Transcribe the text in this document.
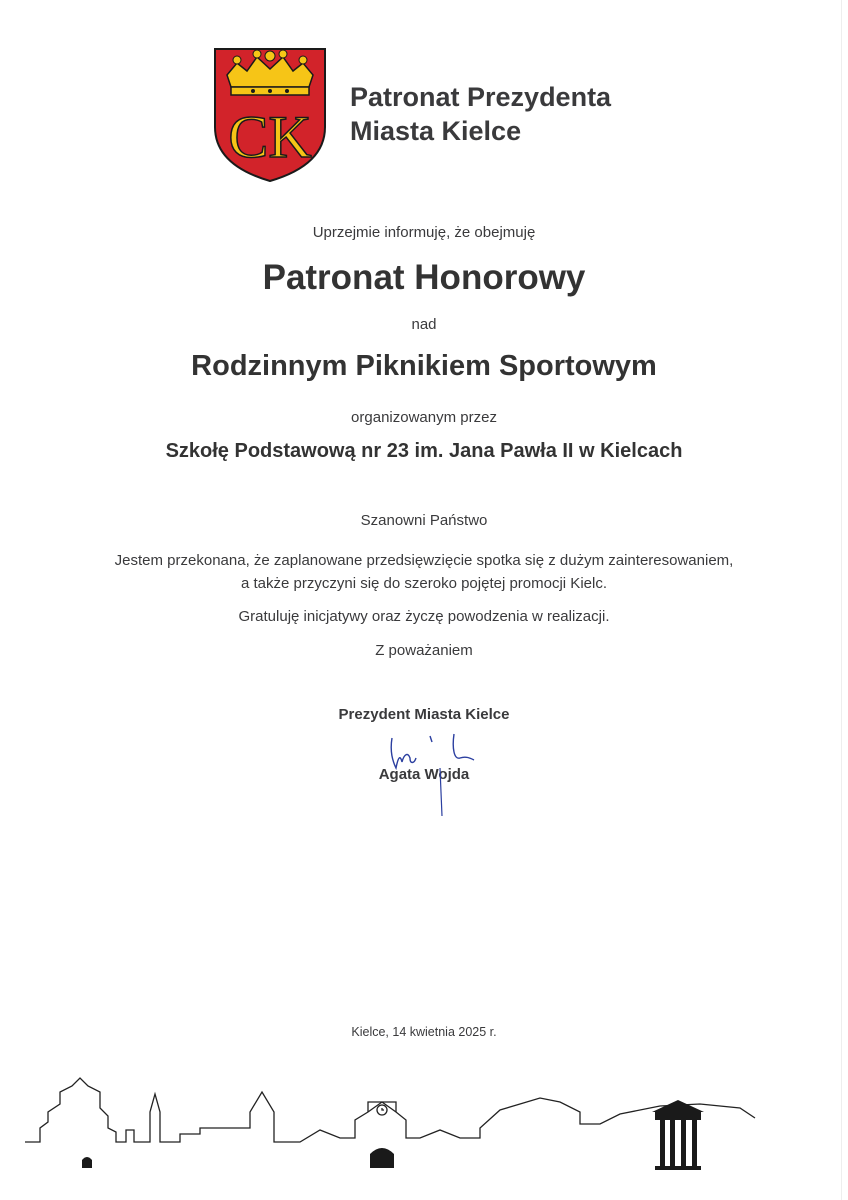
CK
Patronat Prezydenta
Miasta Kielce
Uprzejmie informuję, że obejmuję
Patronat Honorowy
nad
Rodzinnym Piknikiem Sportowym
organizowanym przez
Szkołę Podstawową nr 23 im. Jana Pawła II w Kielcach
Szanowni Państwo
Jestem przekonana, że zaplanowane przedsięwzięcie spotka się z dużym zainteresowaniem,
a także przyczyni się do szeroko pojętej promocji Kielc.
Gratuluję inicjatywy oraz życzę powodzenia w realizacji.
Z poważaniem
Prezydent Miasta Kielce
Agata Wojda
Kielce, 14 kwietnia 2025 r.
